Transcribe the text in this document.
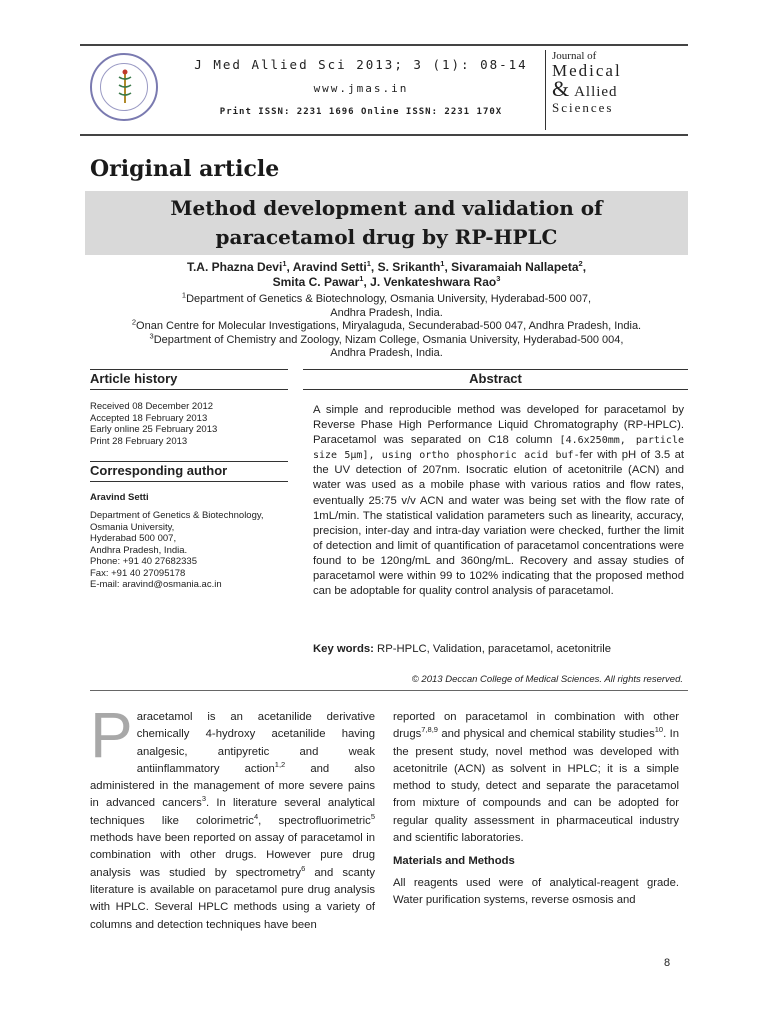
J Med Allied Sci 2013; 3 (1): 08-14
www.jmas.in
Print ISSN: 2231 1696 Online ISSN: 2231 170X
Journal of
Medical
& Allied
Sciences
Original article
Method development and validation of
paracetamol drug by RP-HPLC
T.A. Phazna Devi$^1$, Aravind Setti$^1$, S. Srikanth$^1$, Sivaramaiah Nallapeta$^2$,
Smita C. Pawar$^1$, J. Venkateshwara Rao$^3$
$^1$Department of Genetics & Biotechnology, Osmania University, Hyderabad-500 007,
Andhra Pradesh, India.
$^2$Onan Centre for Molecular Investigations, Miryalaguda, Secunderabad-500 047, Andhra Pradesh, India.
$^3$Department of Chemistry and Zoology, Nizam College, Osmania University, Hyderabad-500 004,
Andhra Pradesh, India.
Article history
Received 08 December 2012
Accepted 18 February 2013
Early online 25 February 2013
Print 28 February 2013
Corresponding author
Aravind Setti
Department of Genetics & Biotechnology,
Osmania University,
Hyderabad 500 007,
Andhra Pradesh, India.
Phone: +91 40 27682335
Fax: +91 40 27095178
E-mail: aravind@osmania.ac.in
Abstract
A simple and reproducible method was developed for paracetamol by Reverse Phase High Performance Liquid Chromatography (RP-HPLC). Paracetamol was separated on C18 column [4.6x250mm, particle size 5μm], using ortho phosphoric acid buf-fer with pH of 3.5 at the UV detection of 207nm. Isocratic elution of acetonitrile (ACN) and water was used as a mobile phase with various ratios and flow rates, eventually 25:75 v/v ACN and water was being set with the flow rate of 1mL/min. The statistical validation parameters such as linearity, accuracy, precision, inter-day and intra-day variation were checked, further the limit of detection and limit of quantification of paracetamol concentrations were found to be 120ng/mL and 360ng/mL. Recovery and assay studies of paracetamol were within 99 to 102% indicating that the proposed method can be adoptable for quality control analysis of paracetamol.
Key words: RP-HPLC, Validation, paracetamol, acetonitrile
© 2013 Deccan College of Medical Sciences. All rights reserved.
Paracetamol is an acetanilide derivative chemically 4-hydroxy acetanilide having analgesic, antipyretic and weak antiinflammatory action$^{1,2}$ and also administered in the management of more severe pains in advanced cancers$^3$. In literature several analytical techniques like colorimetric$^4$, spectrofluorimetric$^5$ methods have been reported on assay of paracetamol in combination with other drugs. However pure drug analysis was studied by spectrometry$^6$ and scanty literature is available on paracetamol pure drug analysis with HPLC. Several HPLC methods using a variety of columns and detection techniques have been
reported on paracetamol in combination with other drugs$^{7,8,9}$ and physical and chemical stability studies$^{10}$. In the present study, novel method was developed with acetonitrile (ACN) as solvent in HPLC; it is a simple method to study, detect and separate the paracetamol from mixture of compounds and can be adopted for regular quality assessment in pharmaceutical industry and scientific laboratories.
Materials and Methods
All reagents used were of analytical-reagent grade. Water purification systems, reverse osmosis and
8
